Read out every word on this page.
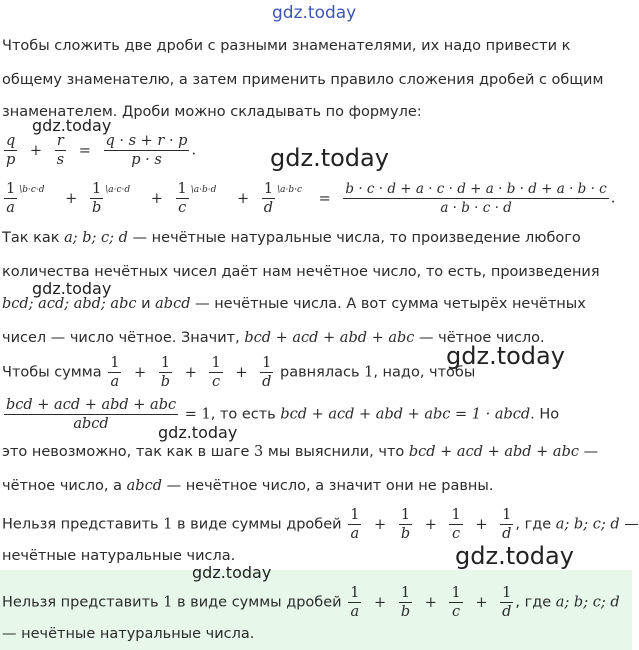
gdz.today
gdz.today
gdz.today
gdz.today
gdz.today
gdz.today
gdz.today
gdz.today
Чтобы сложить две дроби с разными знаменателями, их надо привести к
общему знаменателю, а затем применить правило сложения дробей с общим
знаменателем. Дроби можно складывать по формуле:
$\frac{q}{p} + \frac{r}{s} = \frac{q \cdot s + r \cdot p}{p \cdot s}$ .
$\frac{1}{a} ^{\backslash b\cdot c\cdot d} + \frac{1}{b} ^{\backslash a\cdot c\cdot d} + \frac{1}{c} ^{\backslash a\cdot b\cdot d} + \frac{1}{d} ^{\backslash a\cdot b\cdot c} = \frac{b \cdot c \cdot d + a \cdot c \cdot d + a \cdot b \cdot d + a \cdot b \cdot c}{a \cdot b \cdot c \cdot d}$ .
Так как a; b; c; d — нечётные натуральные числа, то произведение любого
количества нечётных чисел даёт нам нечётное число, то есть, произведения
bcd; acd; abd; abc и abcd — нечётные числа. А вот сумма четырёх нечётных
чисел — число чётное. Значит, bcd + acd + abd + abc — чётное число.
Чтобы сумма $\frac{1}{a} + \frac{1}{b} + \frac{1}{c} + \frac{1}{d}$ равнялась 1, надо, чтобы
$\frac{\text{bcd + acd + abd + abc}}{\text{abcd}} = 1$, то есть bcd + acd + abd + abc = 1 · abcd. Но
это невозможно, так как в шаге 3 мы выяснили, что bcd + acd + abd + abc —
чётное число, а abcd — нечётное число, а значит они не равны.
Нельзя представить 1 в виде суммы дробей $\frac{1}{a} + \frac{1}{b} + \frac{1}{c} + \frac{1}{d}$ , где a; b; c; d —
нечётные натуральные числа.
Нельзя представить 1 в виде суммы дробей $\frac{1}{a} + \frac{1}{b} + \frac{1}{c} + \frac{1}{d}$ , где a; b; c; d
— нечётные натуральные числа.
